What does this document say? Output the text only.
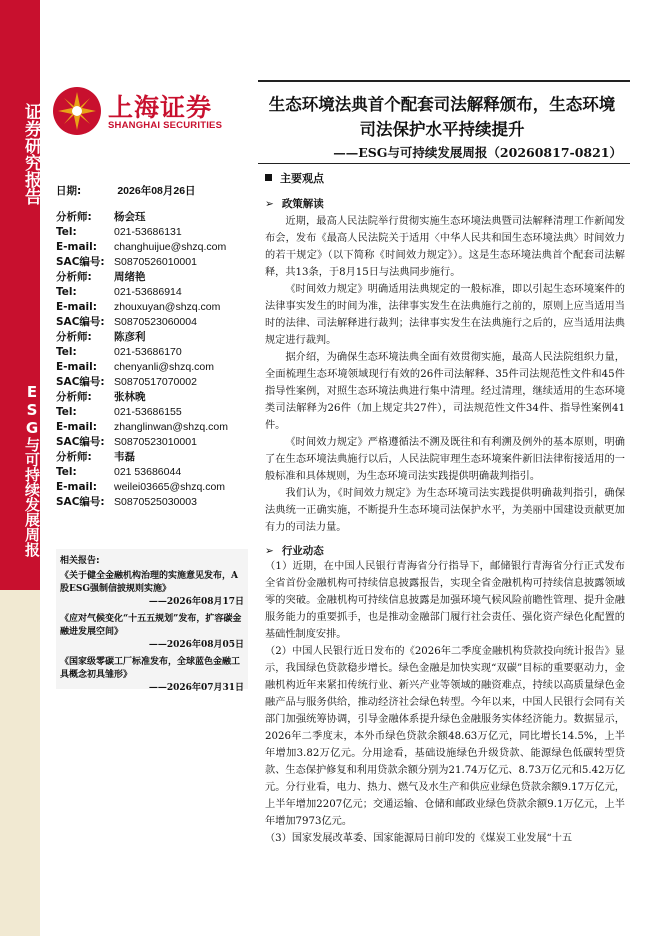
证券研究报告
ESG与可持续发展周报
上海证券
SHANGHAI SECURITIES
生态环境法典首个配套司法解释颁布，生态环境司法保护水平持续提升
——ESG与可持续发展周报（20260817-0821）
日期:	2026年08月26日
分析师: 杨会珏
Tel:	021-53686131
E-mail: changhuijue@shzq.com
SAC编号: S0870526010001
分析师: 周绪艳
Tel:	021-53686914
E-mail: zhouxuyan@shzq.com
SAC编号: S0870523060004
分析师: 陈彦利
Tel:	021-53686170
E-mail: chenyanli@shzq.com
SAC编号: S0870517070002
分析师: 张林晚
Tel:	021-53686155
E-mail: zhanglinwan@shzq.com
SAC编号: S0870523010001
分析师: 韦磊
Tel:	021 53686044
E-mail: weilei03665@shzq.com
SAC编号: S0870525030003
相关报告:
《关于健全金融机构治理的实施意见发布，A股ESG强制信披规则实施》
——2026年08月17日
《应对气候变化“十五五规划”发布，扩容碳金融进发展空间》
——2026年08月05日
《国家级零碳工厂标准发布，全球蓝色金融工具概念初具雏形》
——2026年07月31日
主要观点
➢ 政策解读

近期，最高人民法院举行贯彻实施生态环境法典暨司法解释清理工作新闻发布会，发布《最高人民法院关于适用〈中华人民共和国生态环境法典〉时间效力的若干规定》（以下简称《时间效力规定》）。这是生态环境法典首个配套司法解释，共13条，于8月15日与法典同步施行。

《时间效力规定》明确适用法典规定的一般标准，即以引起生态环境案件的法律事实发生的时间为准，法律事实发生在法典施行之前的，原则上应当适用当时的法律、司法解释进行裁判；法律事实发生在法典施行之后的，应当适用法典规定进行裁判。

据介绍，为确保生态环境法典全面有效贯彻实施，最高人民法院组织力量，全面梳理生态环境领域现行有效的26件司法解释、35件司法规范性文件和45件指导性案例，对照生态环境法典进行集中清理。经过清理，继续适用的生态环境类司法解释为26件（加上规定共27件），司法规范性文件34件、指导性案例41件。

《时间效力规定》严格遵循法不溯及既往和有利溯及例外的基本原则，明确了在生态环境法典施行以后，人民法院审理生态环境案件新旧法律衔接适用的一般标准和具体规则，为生态环境司法实践提供明确裁判指引。

我们认为，《时间效力规定》为生态环境司法实践提供明确裁判指引，确保法典统一正确实施，不断提升生态环境司法保护水平，为美丽中国建设贡献更加有力的司法力量。

➢ 行业动态

（1）近期，在中国人民银行青海省分行指导下，邮储银行青海省分行正式发布全省首份金融机构可持续信息披露报告，实现全省金融机构可持续信息披露领域零的突破。金融机构可持续信息披露是加强环境气候风险前瞻性管理、提升金融服务能力的重要抓手，也是推动金融部门履行社会责任、强化资产绿色化配置的基础性制度安排。

（2）中国人民银行近日发布的《2026年二季度金融机构贷款投向统计报告》显示，我国绿色贷款稳步增长。绿色金融是加快实现“双碳”目标的重要驱动力，金融机构近年来紧扣传统行业、新兴产业等领域的融资难点，持续以高质量绿色金融产品与服务供给，推动经济社会绿色转型。今年以来，中国人民银行会同有关部门加强统筹协调，引导金融体系提升绿色金融服务实体经济能力。数据显示，2026年二季度末，本外币绿色贷款余额48.63万亿元，同比增长14.5%，上半年增加3.82万亿元。分用途看，基础设施绿色升级贷款、能源绿色低碳转型贷款、生态保护修复和利用贷款余额分别为21.74万亿元、8.73万亿元和5.42万亿元。分行业看，电力、热力、燃气及水生产和供应业绿色贷款余额9.17万亿元，上半年增加2207亿元；交通运输、仓储和邮政业绿色贷款余额9.1万亿元，上半年增加7973亿元。

（3）国家发展改革委、国家能源局日前印发的《煤炭工业发展“十五
